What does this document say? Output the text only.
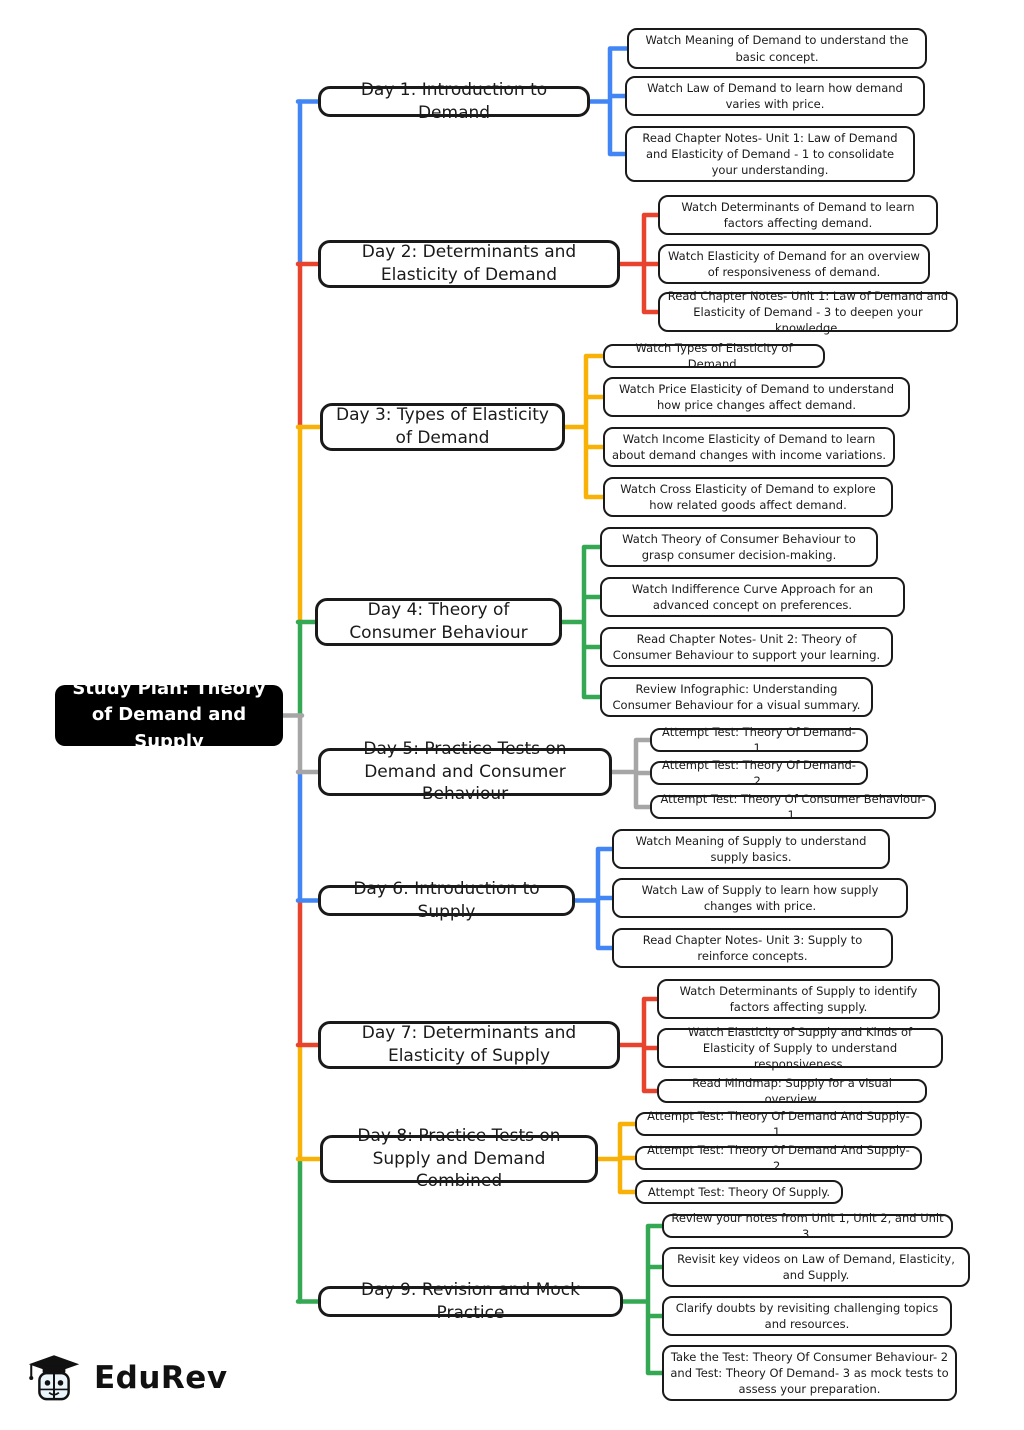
Study Plan: Theory of Demand and Supply
Day 1: Introduction to Demand
Day 2: Determinants and Elasticity of Demand
Day 3: Types of Elasticity of Demand
Day 4: Theory of Consumer Behaviour
Day 5: Practice Tests on Demand and Consumer Behaviour
Day 6: Introduction to Supply
Day 7: Determinants and Elasticity of Supply
Day 8: Practice Tests on Supply and Demand Combined
Day 9: Revision and Mock Practice
Watch Meaning of Demand to understand the basic concept.
Watch Law of Demand to learn how demand varies with price.
Read Chapter Notes- Unit 1: Law of Demand and Elasticity of Demand - 1 to consolidate your understanding.
Watch Determinants of Demand to learn factors affecting demand.
Watch Elasticity of Demand for an overview of responsiveness of demand.
Read Chapter Notes- Unit 1: Law of Demand and Elasticity of Demand - 3 to deepen your knowledge.
Watch Types of Elasticity of Demand.
Watch Price Elasticity of Demand to understand how price changes affect demand.
Watch Income Elasticity of Demand to learn about demand changes with income variations.
Watch Cross Elasticity of Demand to explore how related goods affect demand.
Watch Theory of Consumer Behaviour to grasp consumer decision-making.
Watch Indifference Curve Approach for an advanced concept on preferences.
Read Chapter Notes- Unit 2: Theory of Consumer Behaviour to support your learning.
Review Infographic: Understanding Consumer Behaviour for a visual summary.
Attempt Test: Theory Of Demand- 1.
Attempt Test: Theory Of Demand- 2.
Attempt Test: Theory Of Consumer Behaviour- 1.
Watch Meaning of Supply to understand supply basics.
Watch Law of Supply to learn how supply changes with price.
Read Chapter Notes- Unit 3: Supply to reinforce concepts.
Watch Determinants of Supply to identify factors affecting supply.
Watch Elasticity of Supply and Kinds of Elasticity of Supply to understand responsiveness.
Read Mindmap: Supply for a visual overview.
Attempt Test: Theory Of Demand And Supply- 1.
Attempt Test: Theory Of Demand And Supply- 2.
Attempt Test: Theory Of Supply.
Review your notes from Unit 1, Unit 2, and Unit 3.
Revisit key videos on Law of Demand, Elasticity, and Supply.
Clarify doubts by revisiting challenging topics and resources.
Take the Test: Theory Of Consumer Behaviour- 2 and Test: Theory Of Demand- 3 as mock tests to assess your preparation.
EduRev
